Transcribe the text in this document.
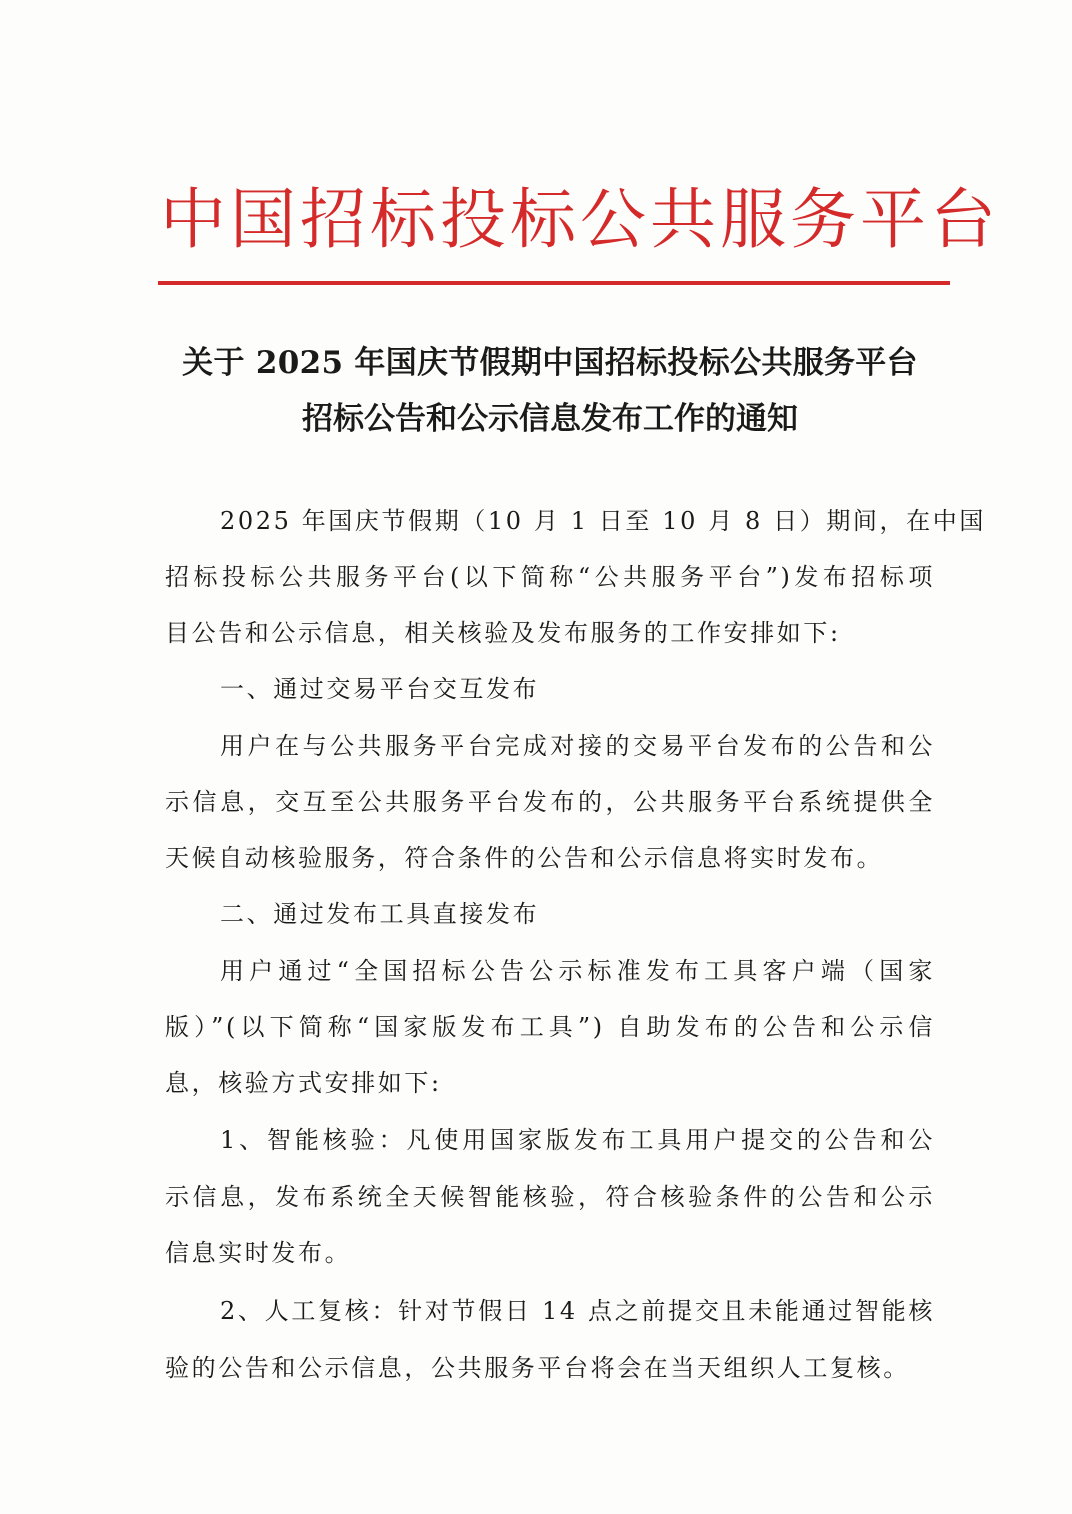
中国招标投标公共服务平台
关于 2025 年国庆节假期中国招标投标公共服务平台
招标公告和公示信息发布工作的通知
2025 年国庆节假期（10 月 1 日至 10 月 8 日）期间，在中国
招标投标公共服务平台(以下简称“公共服务平台”)发布招标项
目公告和公示信息，相关核验及发布服务的工作安排如下:
一、通过交易平台交互发布
用户在与公共服务平台完成对接的交易平台发布的公告和公
示信息，交互至公共服务平台发布的，公共服务平台系统提供全
天候自动核验服务，符合条件的公告和公示信息将实时发布。
二、通过发布工具直接发布
用户通过“全国招标公告公示标准发布工具客户端（国家
版）”(以下简称“国家版发布工具”) 自助发布的公告和公示信
息，核验方式安排如下:
1、智能核验：凡使用国家版发布工具用户提交的公告和公
示信息，发布系统全天候智能核验，符合核验条件的公告和公示
信息实时发布。
2、人工复核：针对节假日 14 点之前提交且未能通过智能核
验的公告和公示信息，公共服务平台将会在当天组织人工复核。
